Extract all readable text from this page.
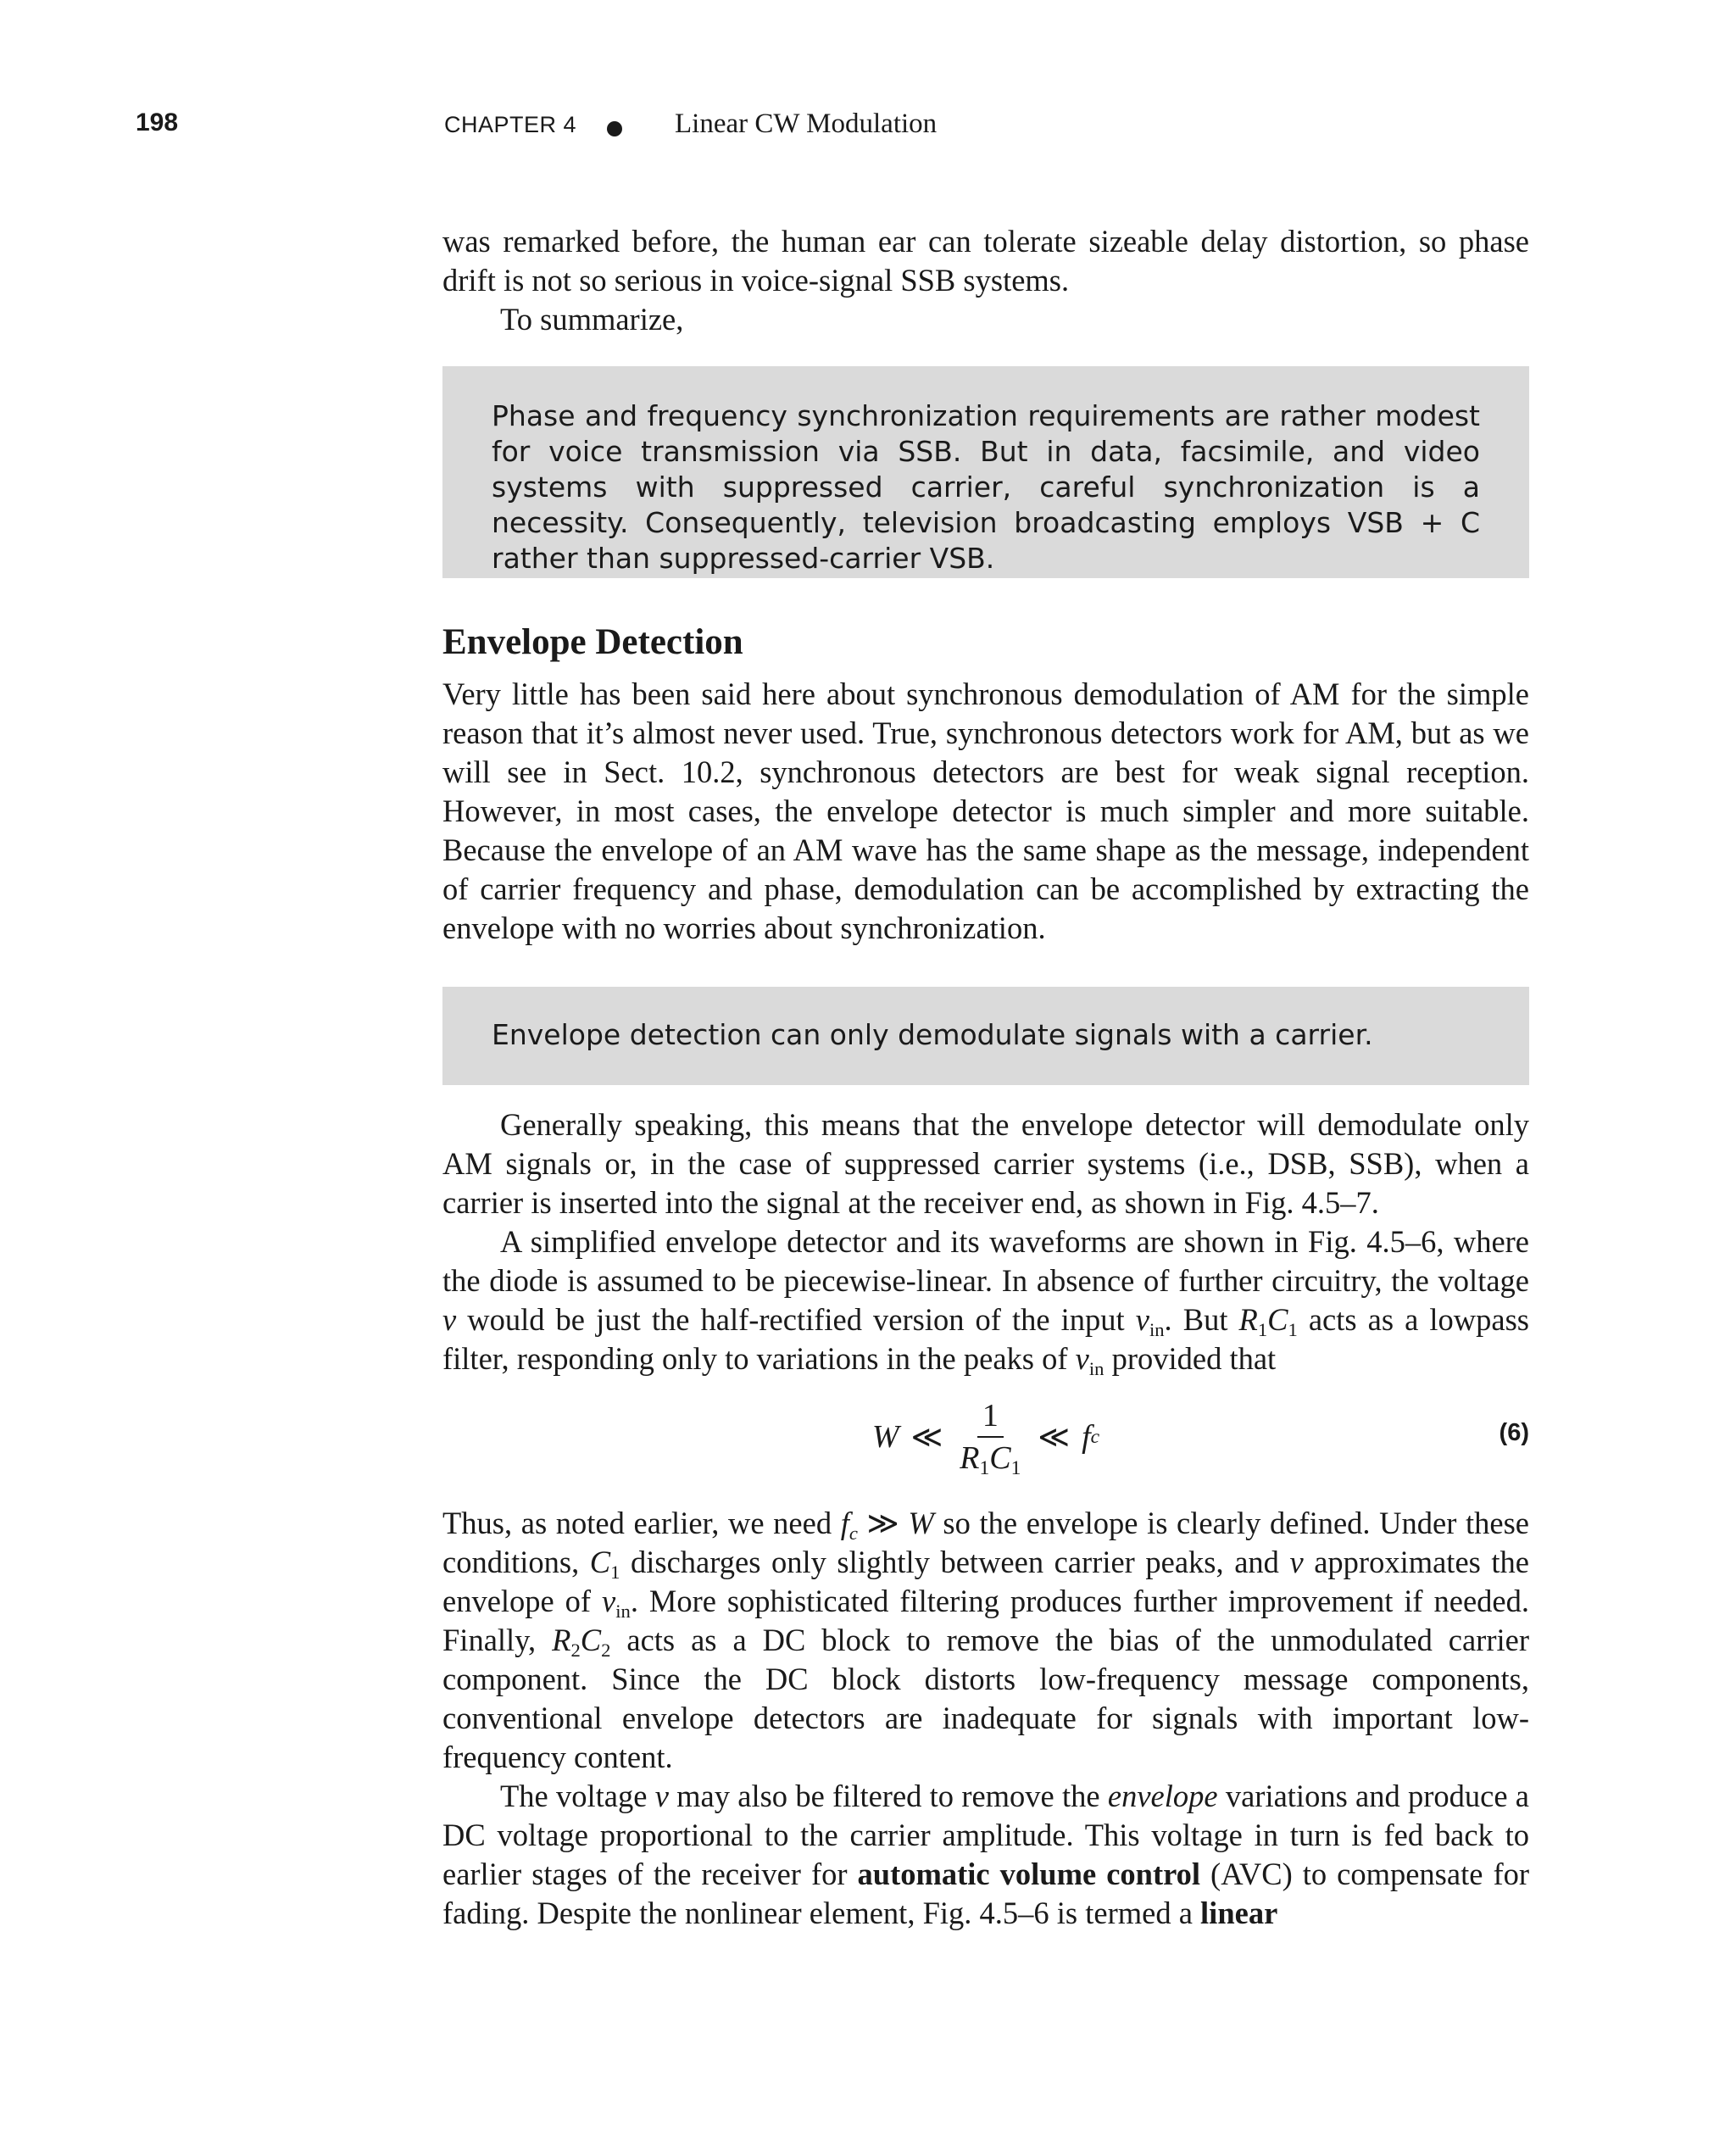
198	CHAPTER 4	Linear CW Modulation

was remarked before, the human ear can tolerate sizeable delay distortion, so phase drift is not so serious in voice-signal SSB systems.

To summarize,

Phase and frequency synchronization requirements are rather modest for voice transmission via SSB. But in data, facsimile, and video systems with suppressed carrier, careful synchronization is a necessity. Consequently, television broadcasting employs VSB + C rather than suppressed-carrier VSB.
Envelope Detection

Very little has been said here about synchronous demodulation of AM for the simple reason that it’s almost never used. True, synchronous detectors work for AM, but as we will see in Sect. 10.2, synchronous detectors are best for weak signal reception. However, in most cases, the envelope detector is much simpler and more suitable. Because the envelope of an AM wave has the same shape as the message, independent of carrier frequency and phase, demodulation can be accomplished by extracting the envelope with no worries about synchronization.

Envelope detection can only demodulate signals with a carrier.

Generally speaking, this means that the envelope detector will demodulate only AM signals or, in the case of suppressed carrier systems (i.e., DSB, SSB), when a carrier is inserted into the signal at the receiver end, as shown in Fig. 4.5–7.

A simplified envelope detector and its waveforms are shown in Fig. 4.5–6, where the diode is assumed to be piecewise-linear. In absence of further circuitry, the voltage v would be just the half-rectified version of the input $v_{in}$. But $R_1C_1$ acts as a lowpass filter, responding only to variations in the peaks of $v_{in}$ provided that

W ≪ $\frac{1}{R_1C_1}$ ≪ f c	(6)

Thus, as noted earlier, we need $f_c$ ≫ W so the envelope is clearly defined. Under these conditions, $C_1$ discharges only slightly between carrier peaks, and v approximates the envelope of $v_{in}$. More sophisticated filtering produces further improvement if needed. Finally, $R_2C_2$ acts as a DC block to remove the bias of the unmodulated carrier component. Since the DC block distorts low-frequency message components, conventional envelope detectors are inadequate for signals with important low-frequency content.

The voltage v may also be filtered to remove the envelope variations and produce a DC voltage proportional to the carrier amplitude. This voltage in turn is fed back to earlier stages of the receiver for automatic volume control (AVC) to compensate for fading. Despite the nonlinear element, Fig. 4.5–6 is termed a linear
